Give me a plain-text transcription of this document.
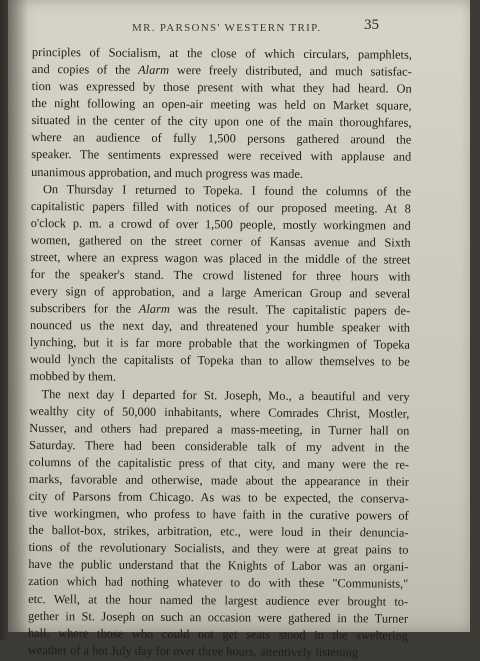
MR. PARSONS' WESTERN TRIP.	35
principles of Socialism, at the close of which circulars, pamphlets,
and copies of the Alarm were freely distributed, and much satisfac-
tion was expressed by those present with what they had heard. On
the night following an open-air meeting was held on Market square,
situated in the center of the city upon one of the main thoroughfares,
where an audience of fully 1,500 persons gathered around the
speaker. The sentiments expressed were received with applause and
unanimous approbation, and much progress was made.
On Thursday I returned to Topeka. I found the columns of the
capitalistic papers filled with notices of our proposed meeting. At 8
o'clock p. m. a crowd of over 1,500 people, mostly workingmen and
women, gathered on the street corner of Kansas avenue and Sixth
street, where an express wagon was placed in the middle of the street
for the speaker's stand. The crowd listened for three hours with
every sign of approbation, and a large American Group and several
subscribers for the Alarm was the result. The capitalistic papers de-
nounced us the next day, and threatened your humble speaker with
lynching, but it is far more probable that the workingmen of Topeka
would lynch the capitalists of Topeka than to allow themselves to be
mobbed by them.
The next day I departed for St. Joseph, Mo., a beautiful and very
wealthy city of 50,000 inhabitants, where Comrades Christ, Mostler,
Nusser, and others had prepared a mass-meeting, in Turner hall on
Saturday. There had been considerable talk of my advent in the
columns of the capitalistic press of that city, and many were the re-
marks, favorable and otherwise, made about the appearance in their
city of Parsons from Chicago. As was to be expected, the conserva-
tive workingmen, who profess to have faith in the curative powers of
the ballot-box, strikes, arbitration, etc., were loud in their denuncia-
tions of the revolutionary Socialists, and they were at great pains to
have the public understand that the Knights of Labor was an organi-
zation which had nothing whatever to do with these "Communists,"
etc. Well, at the hour named the largest audience ever brought to-
gether in St. Joseph on such an occasion were gathered in the Turner
hall, where those who could not get seats stood in the sweltering
weather of a hot July day for over three hours, attentively listening
